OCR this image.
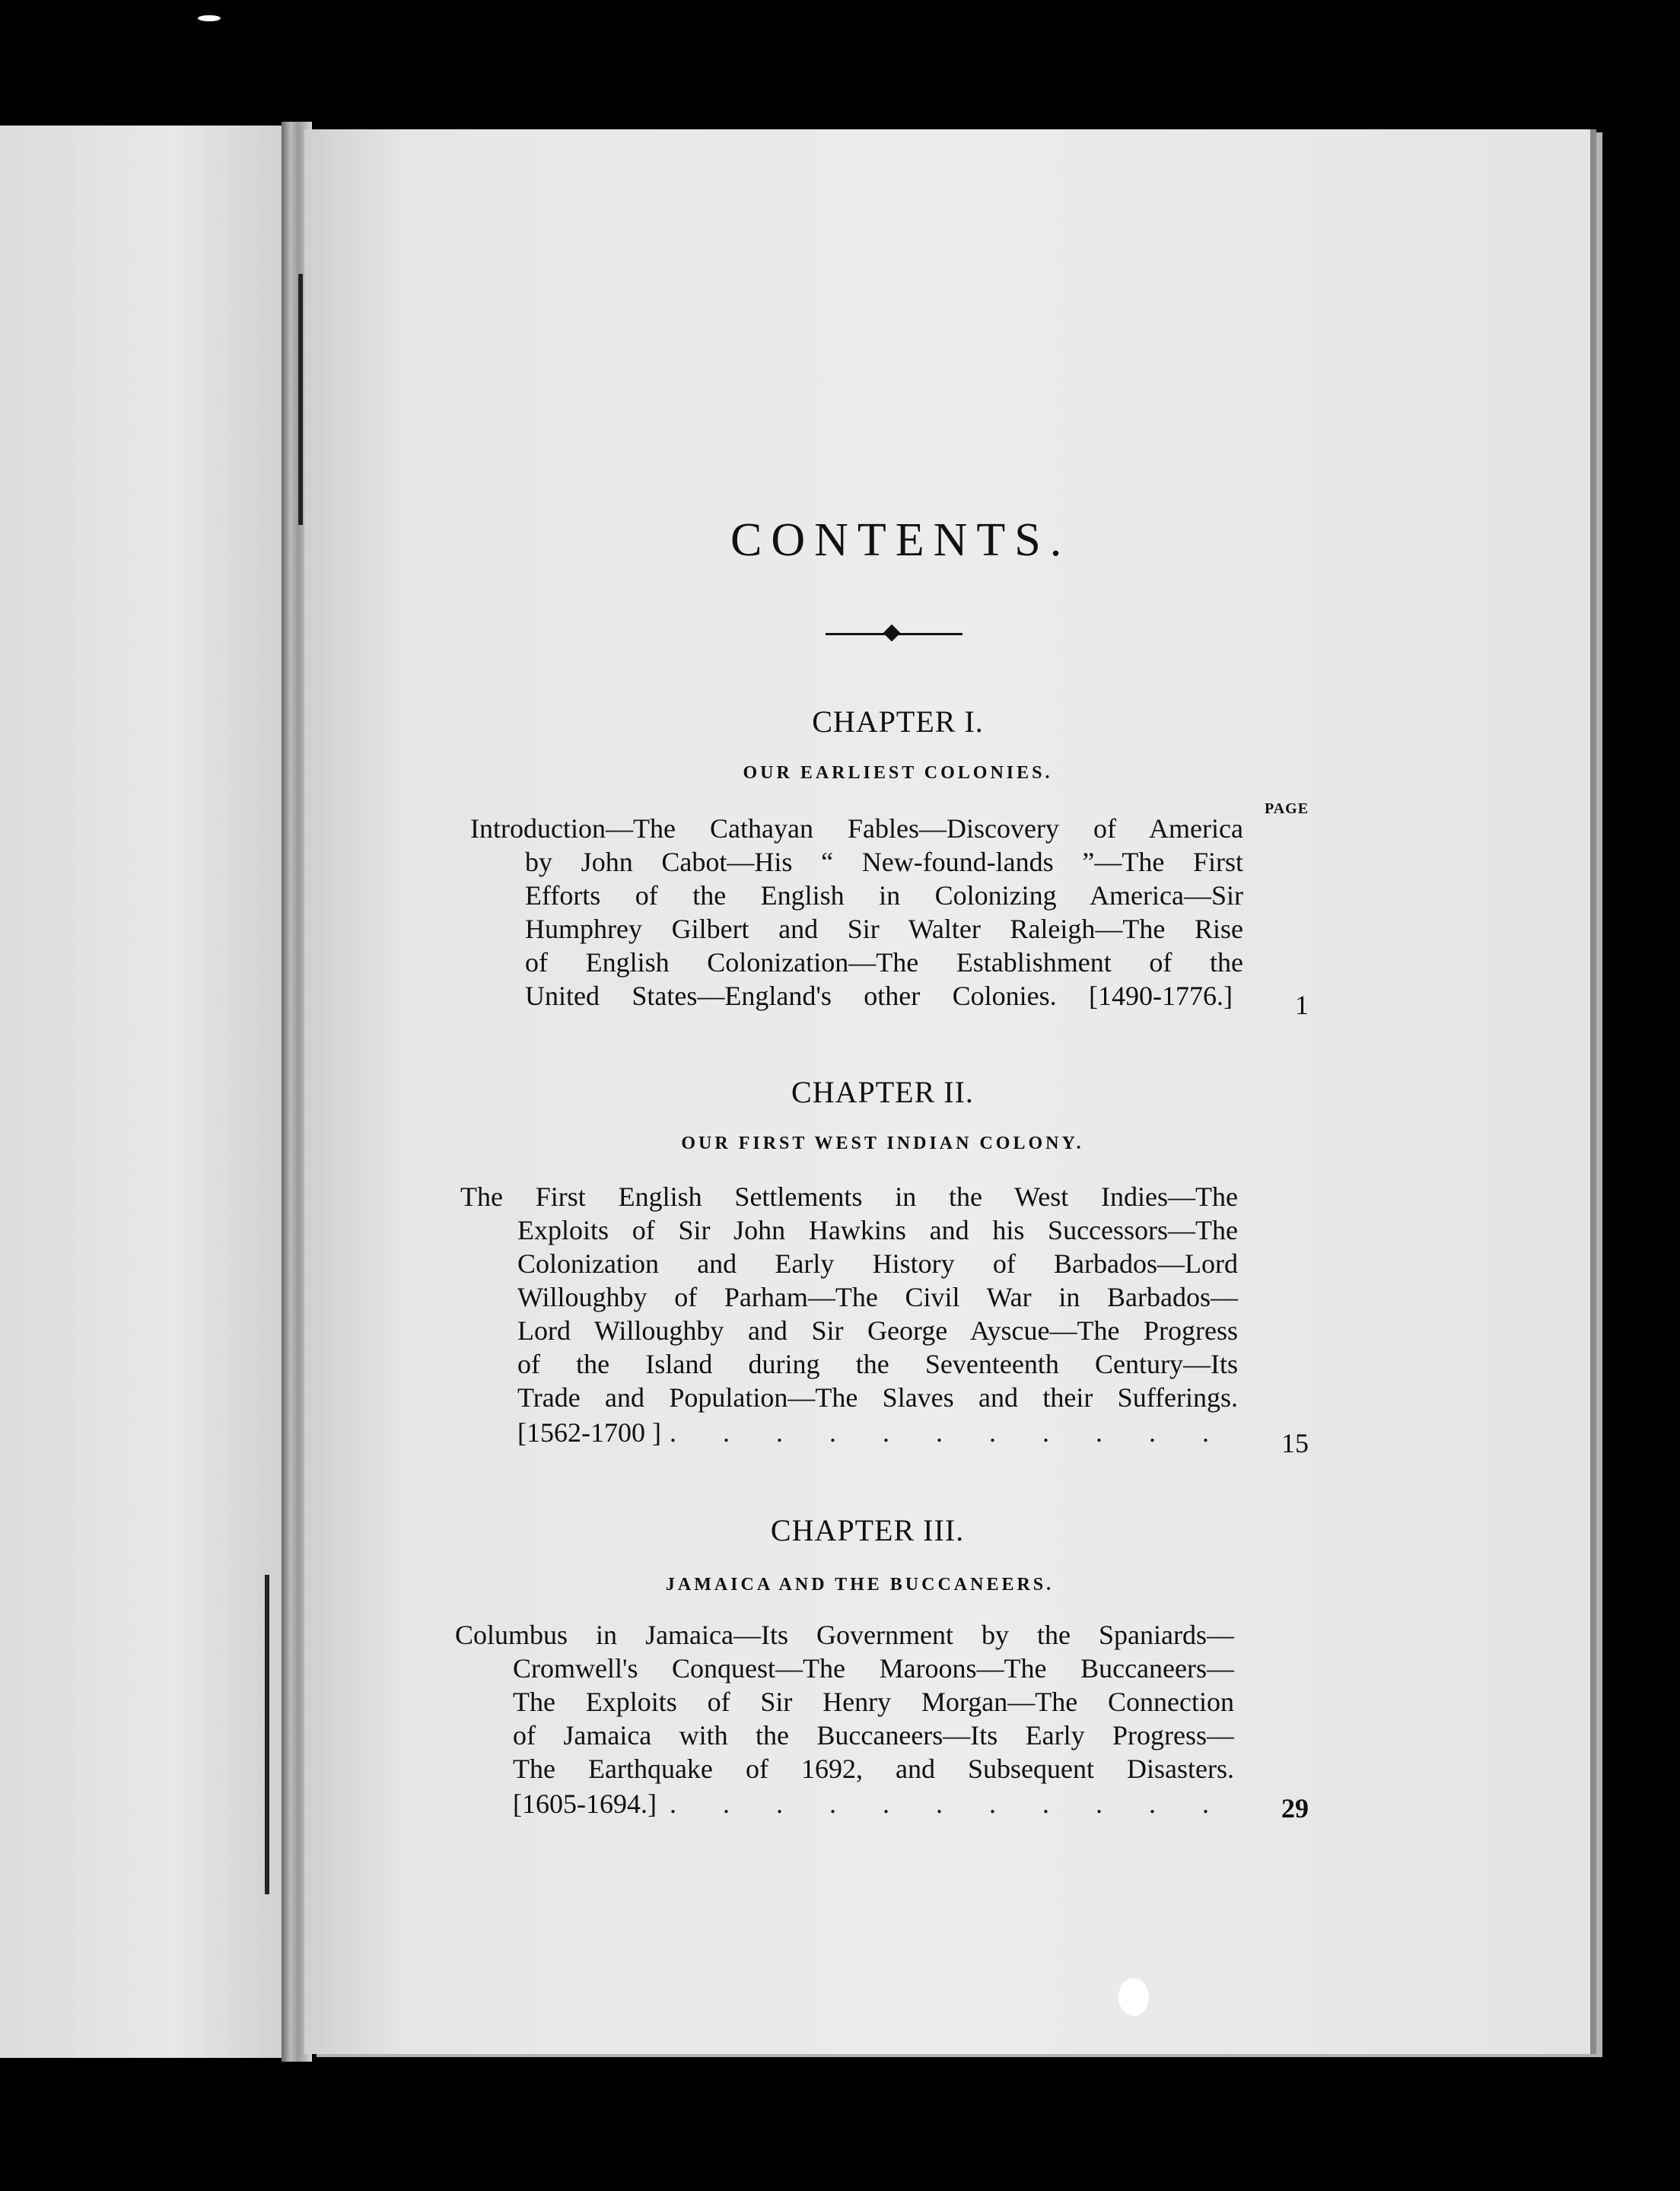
CONTENTS.
PAGE
CHAPTER I.
OUR EARLIEST COLONIES.
Introduction—The Cathayan Fables—Discovery of America
by John Cabot—His “ New-found-lands ”—The First
Efforts of the English in Colonizing America—Sir
Humphrey Gilbert and Sir Walter Raleigh—The Rise
of English Colonization—The Establishment of the
United States—England's other Colonies. [1490-1776.]	1
CHAPTER II.
OUR FIRST WEST INDIAN COLONY.
The First English Settlements in the West Indies—The
Exploits of Sir John Hawkins and his Successors—The
Colonization and Early History of Barbados—Lord
Willoughby of Parham—The Civil War in Barbados—
Lord Willoughby and Sir George Ayscue—The Progress
of the Island during the Seventeenth Century—Its
Trade and Population—The Slaves and their Sufferings.
[1562-1700 ] . . . . . . . . . . .	15
CHAPTER III.
JAMAICA AND THE BUCCANEERS.
Columbus in Jamaica—Its Government by the Spaniards—
Cromwell's Conquest—The Maroons—The Buccaneers—
The Exploits of Sir Henry Morgan—The Connection
of Jamaica with the Buccaneers—Its Early Progress—
The Earthquake of 1692, and Subsequent Disasters.
[1605-1694.] . . . . . . . . . . .	29
